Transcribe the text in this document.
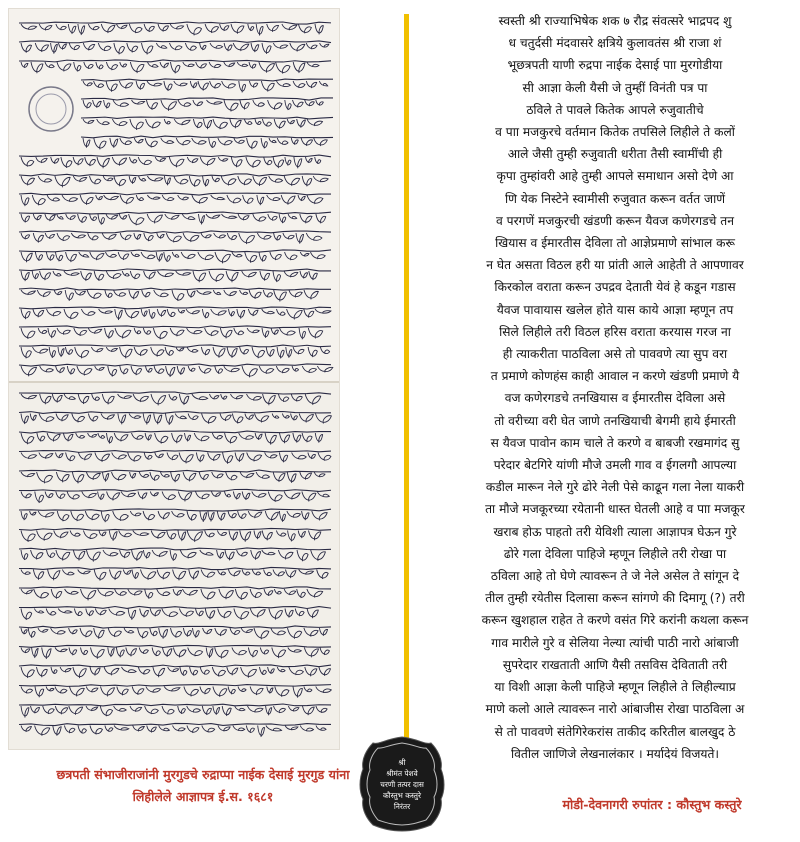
स्वस्ती श्री राज्याभिषेक शक ७ रौद्र संवत्सरे भाद्रपद शु
ध चतुर्दसी मंदवासरे क्षत्रिये कुलावतंस श्री राजा शं
भूछत्रपती याणी रुद्रपा नाईक देसाई पाा मुरगोडीया
सी आज्ञा केली यैसी जे तुम्हीं विनंती पत्र पा
ठविले ते पावले कितेक आपले रुजुवातीचे
व पाा मजकुरचे वर्तमान कितेक तपसिले लिहीले ते कलों
आले जैसी तुम्ही रुजुवाती धरीता तैसी स्वामींची ही
कृपा तुम्हांवरी आहे तुम्ही आपले समाधान असो देणे आ
णि येक निस्टेने स्वामीसी रुजुवात करून वर्तत जाणें
व परगणें मजकुरची खंडणी करून यैवज कणेरगडचे तन
खियास व ईमारतीस देविला तो आज्ञेप्रमाणे सांभाल करू
न घेत असता विठल हरी या प्रांती आले आहेती ते आपणावर
किरकोल वराता करून उपद्रव देताती येवं हे कडून गडास
यैवज पावायास खलेल होते यास काये आज्ञा म्हणून तप
सिले लिहीले तरी विठल हरिस वराता करयास गरज ना
ही त्याकरीता पाठविला असे तो पाववणे त्या सुप वरा
त प्रमाणे कोणहंस काही आवाल न करणे खंडणी प्रमाणे यै
वज कणेरगडचे तनखियास व ईमारतीस देविला असे
तो वरीच्या वरी घेत जाणे तनखियाची बेगमी हाये ईमारती
स यैवज पावोन काम चाले ते करणे व बाबजी रखमागंद सु
परेदार बेटगिरे यांणी मौजे उमली गाव व ईगलगौ आपल्या
कडील मारून नेले गुरे ढोरे नेली पेसे काढून गला नेला याकरी
ता मौजे मजकूरच्या रयेतानी धास्त घेतली आहे व पाा मजकूर
खराब होऊ पाहतो तरी येविशी त्याला आज्ञापत्र घेऊन गुरे
ढोरे गला देविला पाहिजे म्हणून लिहीले तरी रोखा पा
ठविला आहे तो घेणे त्यावरून ते जे नेले असेल ते सांगून दे
तील तुम्ही रयेतीस दिलासा करून सांगणे की दिमागू (?) तरी
करून खुशहाल राहेत ते करणे वसंत गिरे करांनी कथला करून
गाव मारीले गुरे व सेलिया नेल्या त्यांची पाठी नारो आंबाजी
सुपरेदार राखताती आणि यैसी तसविस देविताती तरी
या विशी आज्ञा केली पाहिजे म्हणून लिहीले ते लिहील्याप्र
माणे कलो आले त्यावरून नारो आंबाजीस रोखा पाठविला अ
से तो पाववणे संतेगिरेकरांस ताकीद करितील बालखुद ठे
वितील जाणिजे लेखनालंकार । मर्यादेयं विजयते।
छत्रपती संभाजीराजांनी मुरगुडचे रुद्राप्पा नाईक देसाई मुरगुड यांना
लिहीलेले आज्ञापत्र ई.स. १६८१
श्री
श्रीमंत पेशवे
चरणी तत्पर दास
कौस्तुभ कस्तुरे
निरंतर	मोडी-देवनागरी रुपांतर : कौस्तुभ कस्तुरे
